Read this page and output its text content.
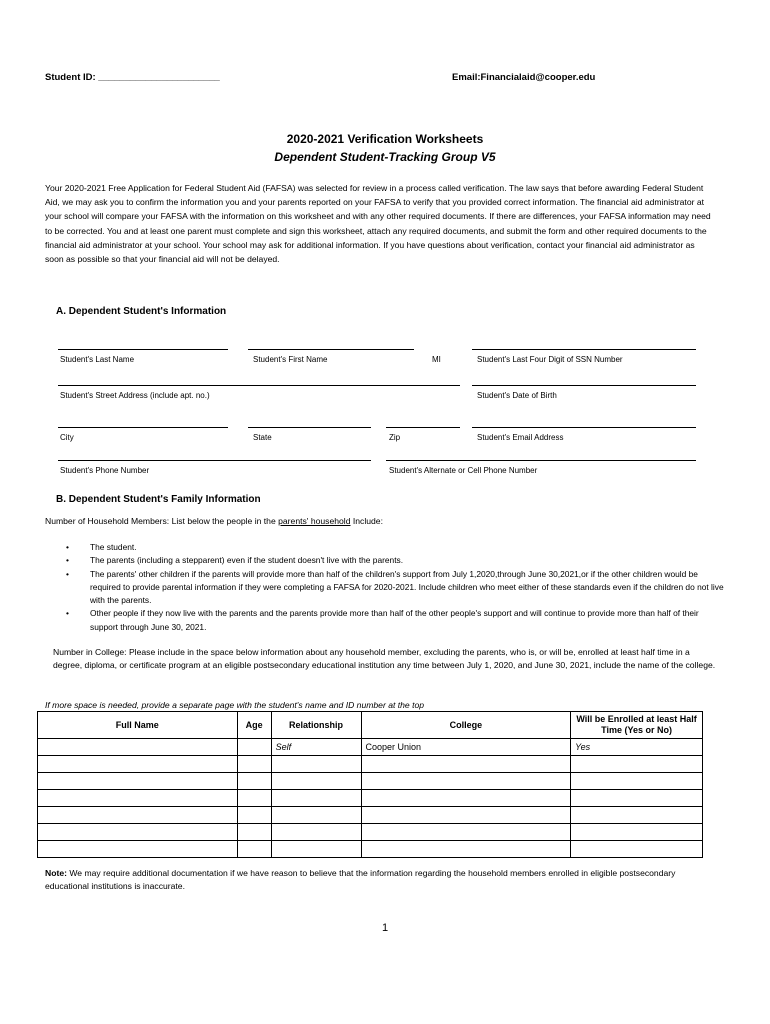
Student ID: _______________________	Email:Financialaid@cooper.edu
2020-2021 Verification Worksheets
Dependent Student-Tracking Group V5
Your 2020-2021 Free Application for Federal Student Aid (FAFSA) was selected for review in a process called verification. The law says that before awarding Federal Student Aid, we may ask you to confirm the information you and your parents reported on your FAFSA to verify that you provided correct information. The financial aid administrator at your school will compare your FAFSA with the information on this worksheet and with any other required documents. If there are differences, your FAFSA information may need to be corrected. You and at least one parent must complete and sign this worksheet, attach any required documents, and submit the form and other required documents to the financial aid administrator at your school. Your school may ask for additional information. If you have questions about verification, contact your financial aid administrator as soon as possible so that your financial aid will not be delayed.
A. Dependent Student's Information
Student's Last Name	Student's First Name	MI	Student's Last Four Digit of SSN Number
Student's Street Address (include apt. no.)	Student's Date of Birth
City	State	Zip	Student's Email Address
Student's Phone Number	Student's Alternate or Cell Phone Number
B. Dependent Student's Family Information
Number of Household Members: List below the people in the parents' household Include:
• The student.
• The parents (including a stepparent) even if the student doesn't live with the parents.
• The parents' other children if the parents will provide more than half of the children's support from July 1,2020,through June 30,2021,or if the other children would be required to provide parental information if they were completing a FAFSA for 2020-2021. Include children who meet either of these standards even if the children do not live with the parents.
• Other people if they now live with the parents and the parents provide more than half of the other people's support and will continue to provide more than half of their support through June 30, 2021.
Number in College: Please include in the space below information about any household member, excluding the parents, who is, or will be, enrolled at least half time in a degree, diploma, or certificate program at an eligible postsecondary educational institution any time between July 1, 2020, and June 30, 2021, include the name of the college.
If more space is needed, provide a separate page with the student's name and ID number at the top
Full Name	Age	Relationship	College	Will be Enrolled at least Half Time (Yes or No)
		Self	Cooper Union	Yes

Note: We may require additional documentation if we have reason to believe that the information regarding the household members enrolled in eligible postsecondary educational institutions is inaccurate.
1
